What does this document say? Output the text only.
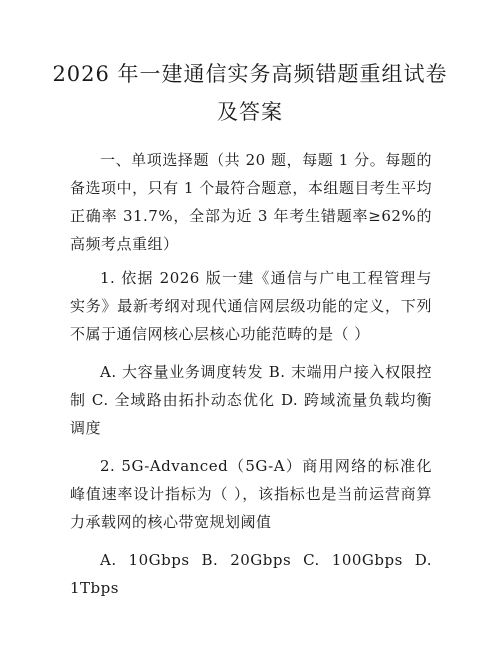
2026 年一建通信实务高频错题重组试卷
及答案

一、单项选择题（共 20 题，每题 1 分。每题的备选项中，只有 1 个最符合题意，本组题目考生平均正确率 31.7%，全部为近 3 年考生错题率≥62%的高频考点重组）

1. 依据 2026 版一建《通信与广电工程管理与实务》最新考纲对现代通信网层级功能的定义，下列不属于通信网核心层核心功能范畴的是（ ）

A. 大容量业务调度转发 B. 末端用户接入权限控制 C. 全域路由拓扑动态优化 D. 跨域流量负载均衡调度

2. 5G-Advanced（5G-A）商用网络的标准化峰值速率设计指标为（ ），该指标也是当前运营商算力承载网的核心带宽规划阈值

A. 10Gbps B. 20Gbps C. 100Gbps D. 1Tbps
